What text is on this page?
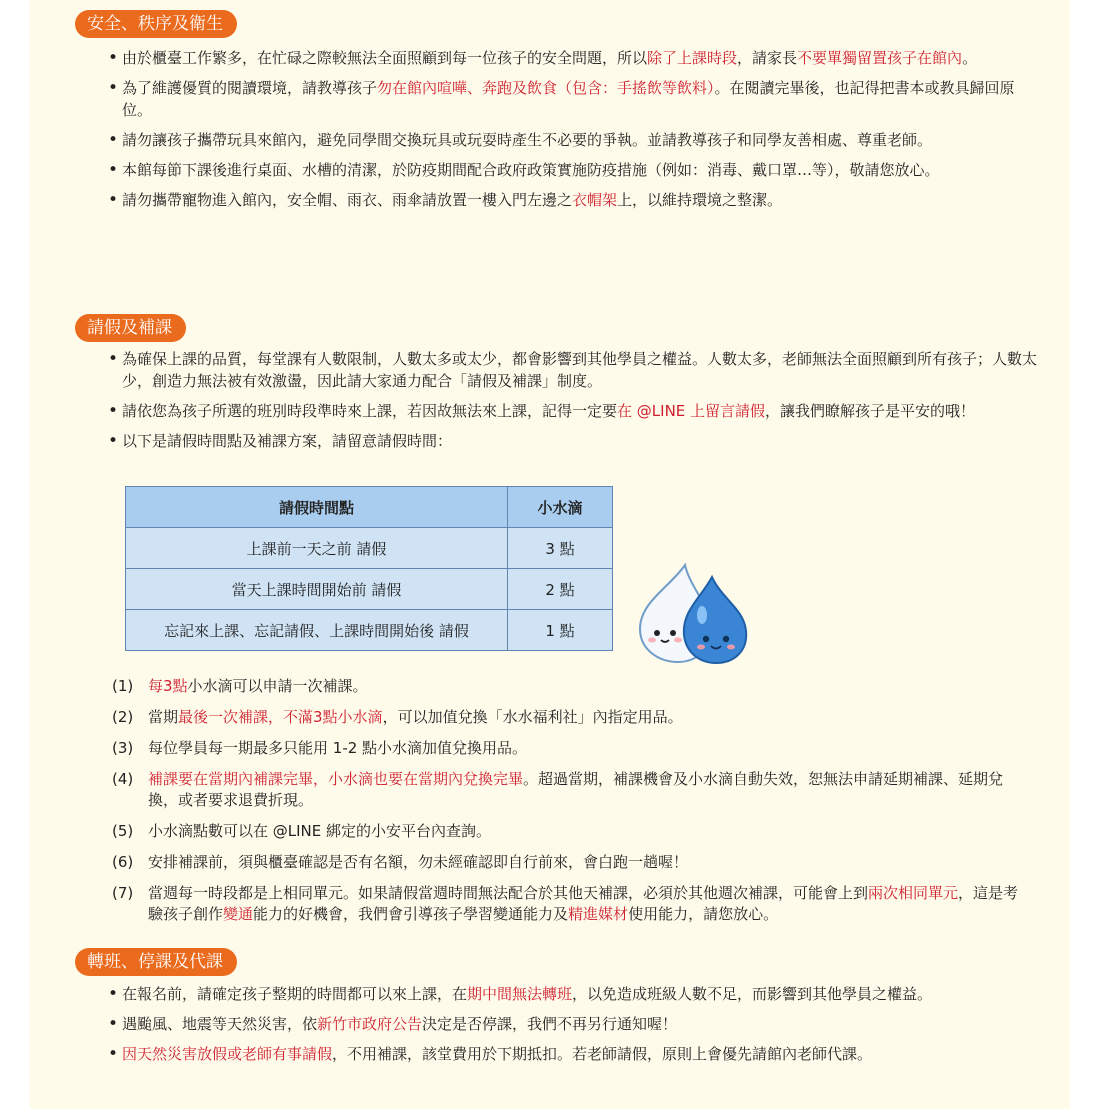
安全、秩序及衛生
• 由於櫃臺工作繁多，在忙碌之際較無法全面照顧到每一位孩子的安全問題，所以除了上課時段，請家長不要單獨留置孩子在館內。
• 為了維護優質的閱讀環境，請教導孩子勿在館內喧嘩、奔跑及飲食（包含：手搖飲等飲料）。在閱讀完畢後，也記得把書本或教具歸回原位。
• 請勿讓孩子攜帶玩具來館內，避免同學間交換玩具或玩耍時產生不必要的爭執。並請教導孩子和同學友善相處、尊重老師。
• 本館每節下課後進行桌面、水槽的清潔，於防疫期間配合政府政策實施防疫措施（例如：消毒、戴口罩…等），敬請您放心。
• 請勿攜帶寵物進入館內，安全帽、雨衣、雨傘請放置一樓入門左邊之衣帽架上，以維持環境之整潔。
請假及補課
• 為確保上課的品質，每堂課有人數限制，人數太多或太少，都會影響到其他學員之權益。人數太多，老師無法全面照顧到所有孩子；人數太少，創造力無法被有效激盪，因此請大家通力配合「請假及補課」制度。
• 請依您為孩子所選的班別時段準時來上課，若因故無法來上課，記得一定要在 @LINE 上留言請假，讓我們瞭解孩子是平安的哦！
• 以下是請假時間點及補課方案，請留意請假時間：
請假時間點	小水滴
上課前一天之前 請假	3 點
當天上課時間開始前 請假	2 點
忘記來上課、忘記請假、上課時間開始後 請假	1 點
(1) 每3點小水滴可以申請一次補課。
(2) 當期最後一次補課，不滿3點小水滴，可以加值兌換「水水福利社」內指定用品。
(3) 每位學員每一期最多只能用 1-2 點小水滴加值兌換用品。
(4) 補課要在當期內補課完畢，小水滴也要在當期內兌換完畢。超過當期，補課機會及小水滴自動失效，恕無法申請延期補課、延期兌換，或者要求退費折現。
(5) 小水滴點數可以在 @LINE 綁定的小安平台內查詢。
(6) 安排補課前，須與櫃臺確認是否有名額，勿未經確認即自行前來，會白跑一趟喔！
(7) 當週每一時段都是上相同單元。如果請假當週時間無法配合於其他天補課，必須於其他週次補課，可能會上到兩次相同單元，這是考驗孩子創作變通能力的好機會，我們會引導孩子學習變通能力及精進媒材使用能力，請您放心。
轉班、停課及代課
• 在報名前，請確定孩子整期的時間都可以來上課，在期中間無法轉班，以免造成班級人數不足，而影響到其他學員之權益。
• 遇颱風、地震等天然災害，依新竹市政府公告決定是否停課，我們不再另行通知喔！
• 因天然災害放假或老師有事請假，不用補課，該堂費用於下期抵扣。若老師請假，原則上會優先請館內老師代課。
